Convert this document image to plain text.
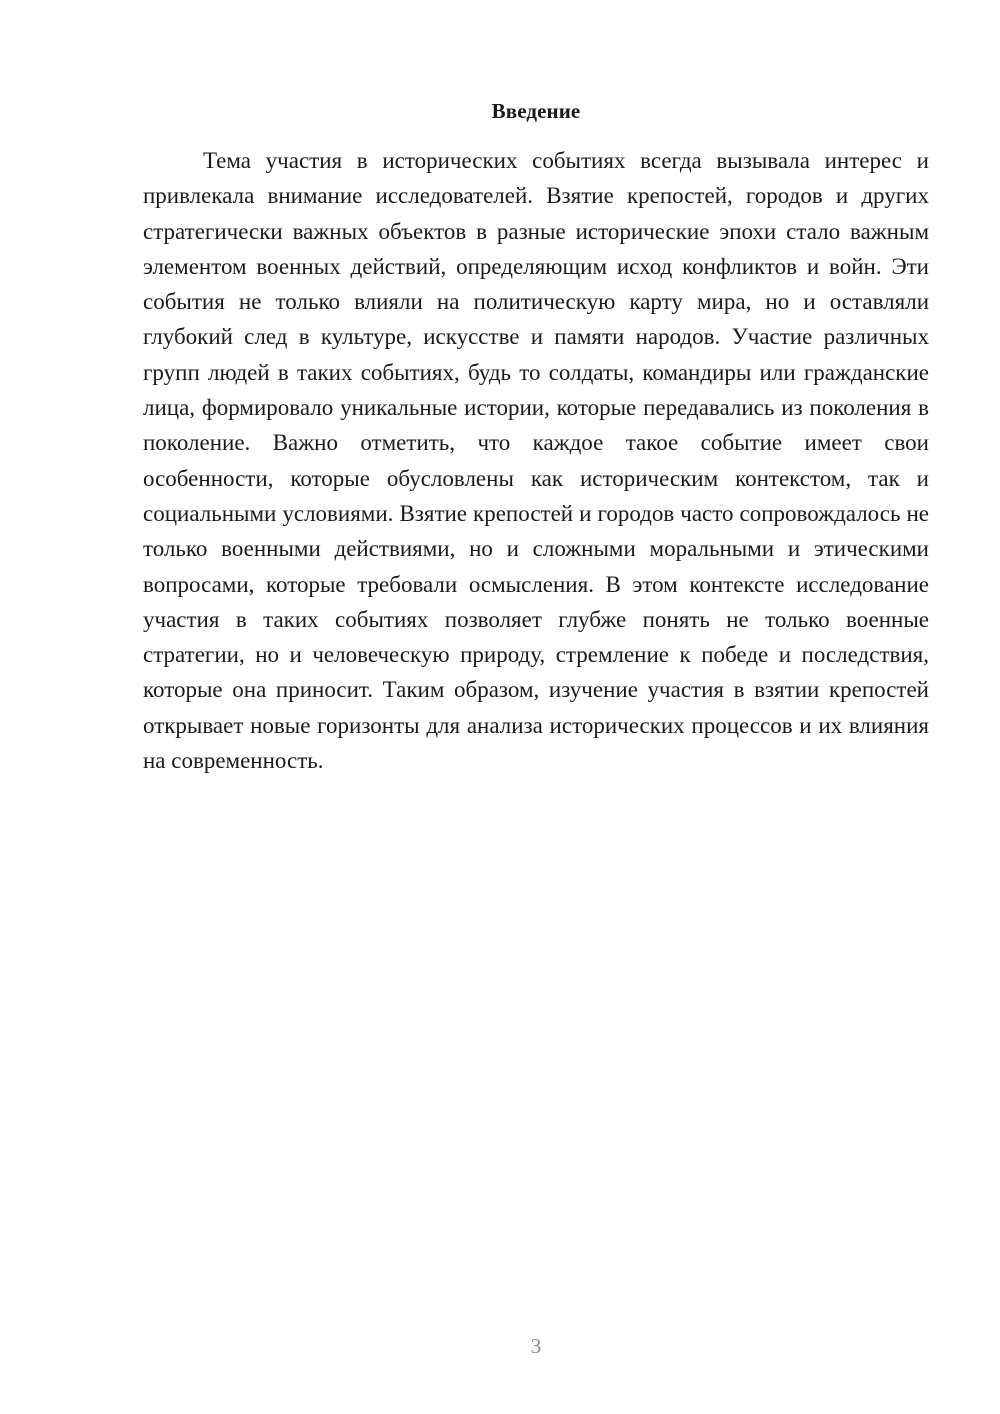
Введение

Тема участия в исторических событиях всегда вызывала интерес и привлекала внимание исследователей. Взятие крепостей, городов и других стратегически важных объектов в разные исторические эпохи стало важным элементом военных действий, определяющим исход конфликтов и войн. Эти события не только влияли на политическую карту мира, но и оставляли глубокий след в культуре, искусстве и памяти народов. Участие различных групп людей в таких событиях, будь то солдаты, командиры или гражданские лица, формировало уникальные истории, которые передавались из поколения в поколение. Важно отметить, что каждое такое событие имеет свои особенности, которые обусловлены как историческим контекстом, так и социальными условиями. Взятие крепостей и городов часто сопровождалось не только военными действиями, но и сложными моральными и этическими вопросами, которые требовали осмысления. В этом контексте исследование участия в таких событиях позволяет глубже понять не только военные стратегии, но и человеческую природу, стремление к победе и последствия, которые она приносит. Таким образом, изучение участия в взятии крепостей открывает новые горизонты для анализа исторических процессов и их влияния на современность.

3
